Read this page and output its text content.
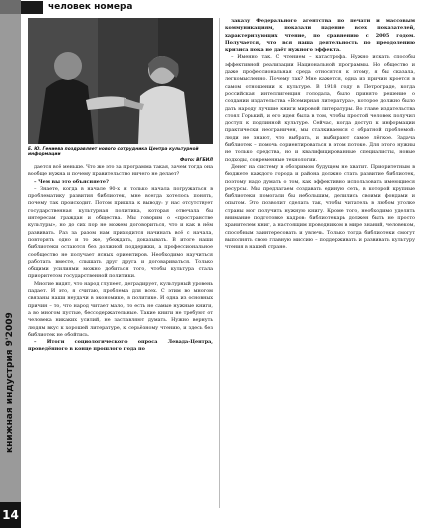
книжная индустрия 9'2009
14
человек номера
Е. Ю. Гениева поздравляет нового сотрудника Центра культурной информации
Фото: ВГБИЛ

дается всё меньше. Что же это за программа такая, зачем тогда она вообще нужна и почему правительство ничего не делает?

– Чем вы это объясняете?

– Знаете, когда в начале 90-х я только начала погружаться в проблематику развития библиотек, мне всегда хотелось понять, почему так происходит. Потом пришла к выводу: у нас отсутствует государственная культурная политика, которая отвечала бы интересам граждан и общества. Мы говорим о «пространстве культуры», но до сих пор не можем договориться, что и как в нём развивать. Раз за разом нам приходится начинать всё с начала, повторять одно и то же, убеждать, доказывать. В итоге наши библиотеки остаются без должной поддержки, а профессиональное сообщество не получает ясных ориентиров. Необходимо научиться работать вместе, слышать друг друга и договариваться. Только общими усилиями можно добиться того, чтобы культура стала приоритетом государственной политики.

Многие видят, что народ глупеет, деградирует, культурный уровень падает. И это, я считаю, проблема для всех. С этим во многом связаны наши неудачи в экономике, в политике. И одна из основных причин – то, что народ читает мало, то есть не самые нужные книги, а во многом пустые, бессодержательные. Такие книги не требуют от человека никаких усилий, не заставляют думать. Нужно вернуть людям вкус к хорошей литературе, к серьёзному чтению, и здесь без библиотек не обойтись.

– Итоги социологического опроса Левада-Центра, проведённого в конце прошлого года по

заказу Федерального агентства по печати и массовым коммуникациям, показали падение всех показателей, характеризующих чтение, по сравнению с 2005 годом. Получается, что вся наша деятельность по преодолению кризиса пока не даёт нужного эффекта.

– Именно так. С чтением – катастрофа. Нужно искать способы эффективной реализации Национальной программы. Но общество и даже профессиональная среда относятся к этому, я бы сказала, легкомысленно. Почему так? Мне кажется, одна из причин кроется в самом отношении к культуре. В 1918 году в Петрограде, когда российская интеллигенция голодала, было принято решение о создании издательства «Всемирная литература», которое должно было дать народу лучшие книги мировой литературы. Во главе издательства стоял Горький, и его идея была в том, чтобы простой человек получил доступ к подлинной культуре. Сейчас, когда доступ к информации практически неограничен, мы сталкиваемся с обратной проблемой: люди не знают, что выбрать, и выбирают самое лёгкое. Задача библиотек – помочь сориентироваться в этом потоке. Для этого нужны не только средства, но и квалифицированные специалисты, новые подходы, современные технологии.

Денег на систему в обозримом будущем не хватит. Приоритетным в бюджете каждого города и района должно стать развитие библиотек, поэтому надо думать о том, как эффективно использовать имеющиеся ресурсы. Мы предлагаем создавать единую сеть, в которой крупные библиотеки помогали бы небольшим, делились своими фондами и опытом. Это позволит сделать так, чтобы читатель в любом уголке страны мог получить нужную книгу. Кроме того, необходимо уделять внимание подготовке кадров: библиотекарь должен быть не просто хранителем книг, а настоящим проводником в мире знаний, человеком, способным заинтересовать и увлечь. Только тогда библиотеки смогут выполнять свою главную миссию – поддерживать и развивать культуру чтения в нашей стране.
